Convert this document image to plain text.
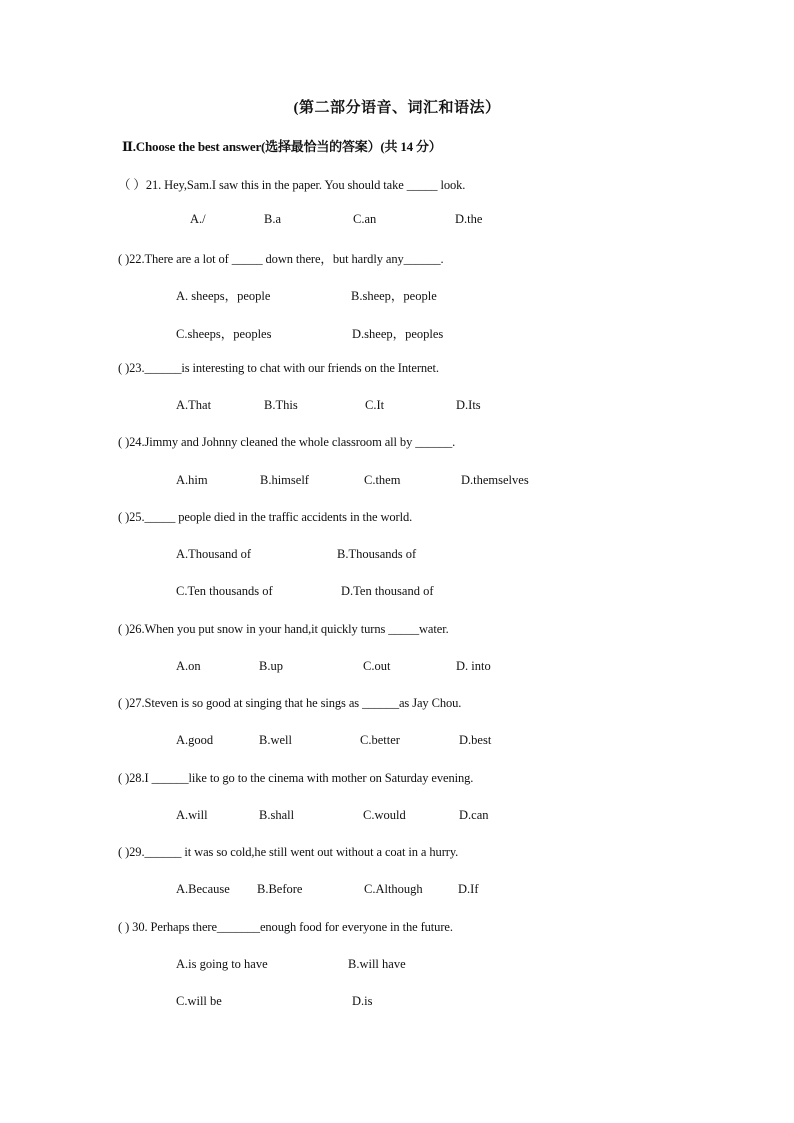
(第二部分语音、词汇和语法）
Ⅱ.Choose the best answer(选择最恰当的答案）(共 14 分）
（ ）21. Hey,Sam.I saw this in the paper. You should take _____ look.
A./	B.a	C.an	D.the
( )22.There are a lot of _____ down there，but hardly any______.
A. sheeps，people	B.sheep，people
C.sheeps，peoples	D.sheep，peoples
( )23.______is interesting to chat with our friends on the Internet.
A.That	B.This	C.It	D.Its
( )24.Jimmy and Johnny cleaned the whole classroom all by ______.
A.him	B.himself	C.them	D.themselves
( )25._____ people died in the traffic accidents in the world.
A.Thousand of	B.Thousands of
C.Ten thousands of	D.Ten thousand of
( )26.When you put snow in your hand,it quickly turns _____water.
A.on	B.up	C.out	D. into
( )27.Steven is so good at singing that he sings as ______as Jay Chou.
A.good	B.well	C.better	D.best
( )28.I ______like to go to the cinema with mother on Saturday evening.
A.will	B.shall	C.would	D.can
( )29.______ it was so cold,he still went out without a coat in a hurry.
A.Because B.Before	C.Although	D.If
( ) 30. Perhaps there_______enough food for everyone in the future.
A.is going to have	B.will have
C.will be	D.is
